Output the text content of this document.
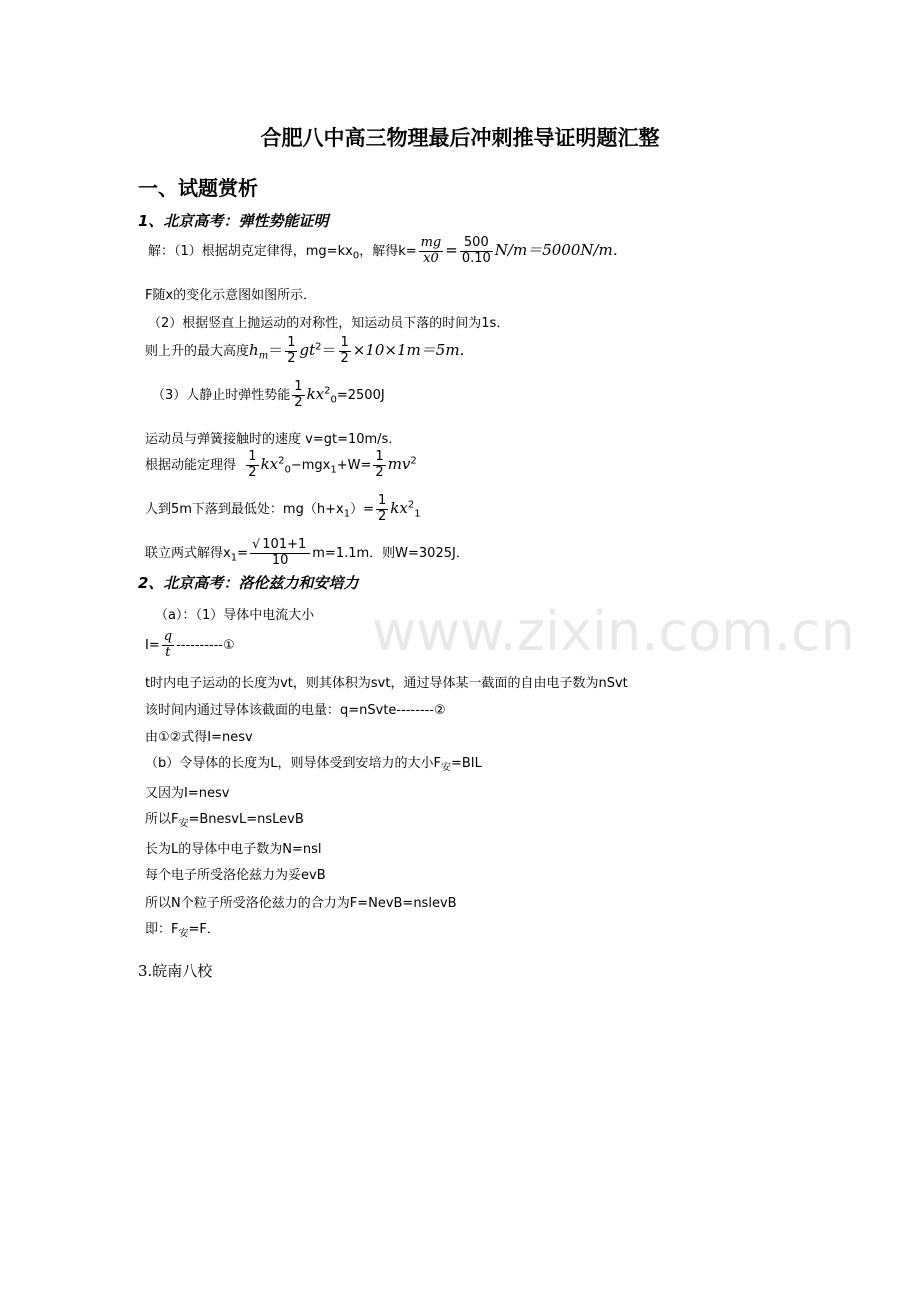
www.zixin.com.cn
合肥八中高三物理最后冲刺推导证明题汇整
一、试题赏析
1、北京高考：弹性势能证明
解：（1）根据胡克定律得，$mg=kx_0$，解得$k= \frac{mg}{x0} = \frac{500}{0.10} N/m=5000N/m$．
F随x的变化示意图如图所示．
（2）根据竖直上抛运动的对称性，知运动员下落的时间为1s．
则上升的最大高度$h_m= \frac{1}{2} gt^2= \frac{1}{2} \times 10\times 1m=5m$．
（3）人静止时弹性势能 $\frac{1}{2} kx^2_0=2500J$
运动员与弹簧接触时的速度 v=gt=10m/s．
根据动能定理得 $\frac{1}{2} kx^2_0-mgx_1+W= \frac{1}{2} mv^2$
人到5m下落到最低处：$mg(h+x_1)= \frac{1}{2} kx^2_1$
联立两式解得$x_1= \frac{√ 101+1}{10} m=1.1m$．则W=3025J．
2、北京高考：洛伦兹力和安培力
（a）：（1）导体中电流大小
$I= \frac{q}{t}$ ----------①
t时内电子运动的长度为vt，则其体积为svt，通过导体某一截面的自由电子数为nSvt
该时间内通过导体该截面的电量：q=nSvte--------②
由①②式得I=nesv
（b）令导体的长度为L，则导体受到安培力的大小$F_安=BIL$
又因为I=nesv
所以$F_安=BnesvL=nsLevB$
长为L的导体中电子数为N=nsl
每个电子所受洛伦兹力为妥evB
所以N个粒子所受洛伦兹力的合力为F=NevB=nslevB
即：$F_安=F$．
3.皖南八校
